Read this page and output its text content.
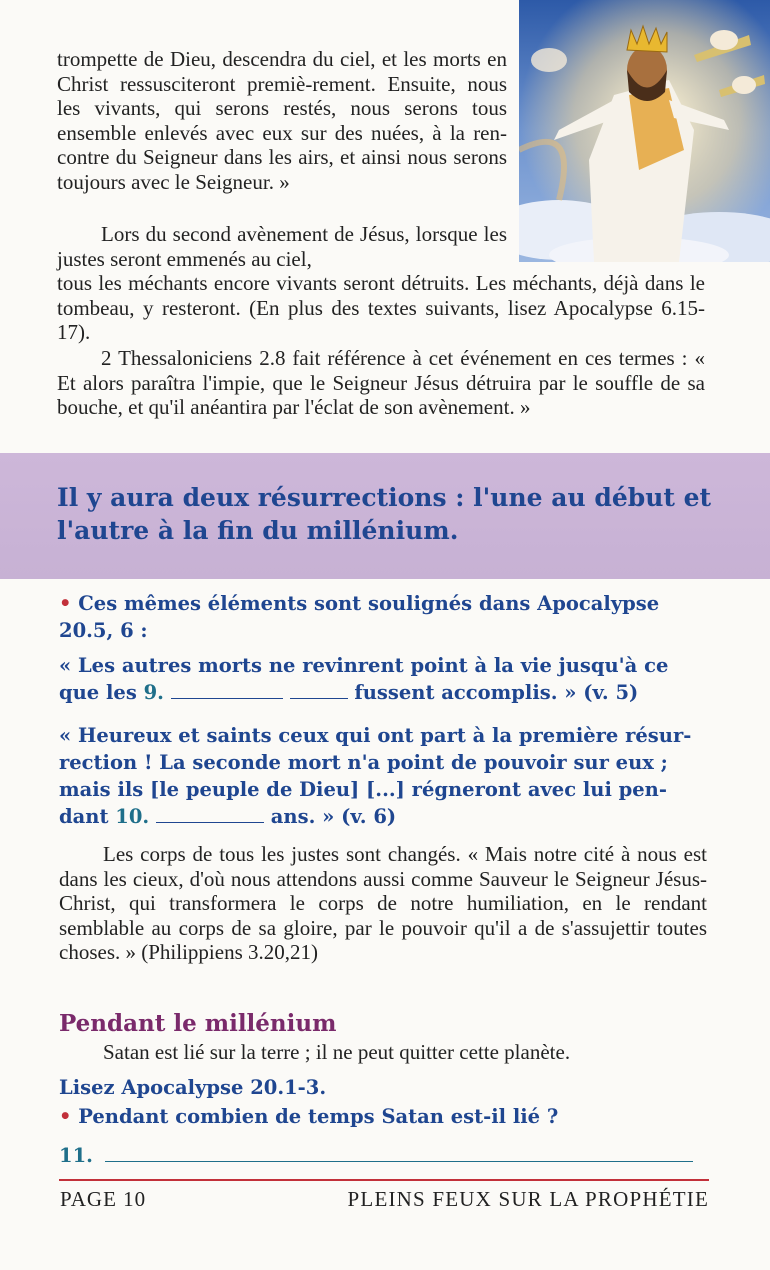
trompette de Dieu, descendra du ciel, et les morts en Christ ressusciteront premiè-rement. Ensuite, nous les vivants, qui serons restés, nous serons tous ensemble enlevés avec eux sur des nuées, à la ren-contre du Seigneur dans les airs, et ainsi nous serons toujours avec le Seigneur. »
Lors du second avènement de Jésus, lorsque les justes seront emmenés au ciel,
tous les méchants encore vivants seront détruits. Les méchants, déjà dans le tombeau, y resteront. (En plus des textes suivants, lisez Apocalypse 6.15-17).
2 Thessaloniciens 2.8 fait référence à cet événement en ces termes : « Et alors paraîtra l'impie, que le Seigneur Jésus détruira par le souffle de sa bouche, et qu'il anéantira par l'éclat de son avènement. »
Il y aura deux résurrections : l'une au début et l'autre à la fin du millénium.
• Ces mêmes éléments sont soulignés dans Apocalypse 20.5, 6 :
« Les autres morts ne revinrent point à la vie jusqu'à ce que les 9.	fussent accomplis. » (v. 5)
« Heureux et saints ceux qui ont part à la première résur-rection ! La seconde mort n'a point de pouvoir sur eux ; mais ils [le peuple de Dieu] [...] régneront avec lui pen-dant 10.	ans. » (v. 6)
Les corps de tous les justes sont changés. « Mais notre cité à nous est dans les cieux, d'où nous attendons aussi comme Sauveur le Seigneur Jésus-Christ, qui transformera le corps de notre humiliation, en le rendant semblable au corps de sa gloire, par le pouvoir qu'il a de s'assujettir toutes choses. » (Philippiens 3.20,21)
Pendant le millénium
Satan est lié sur la terre ; il ne peut quitter cette planète.
Lisez Apocalypse 20.1-3.
• Pendant combien de temps Satan est-il lié ?
11.
PAGE 10	PLEINS FEUX SUR LA PROPHÉTIE
